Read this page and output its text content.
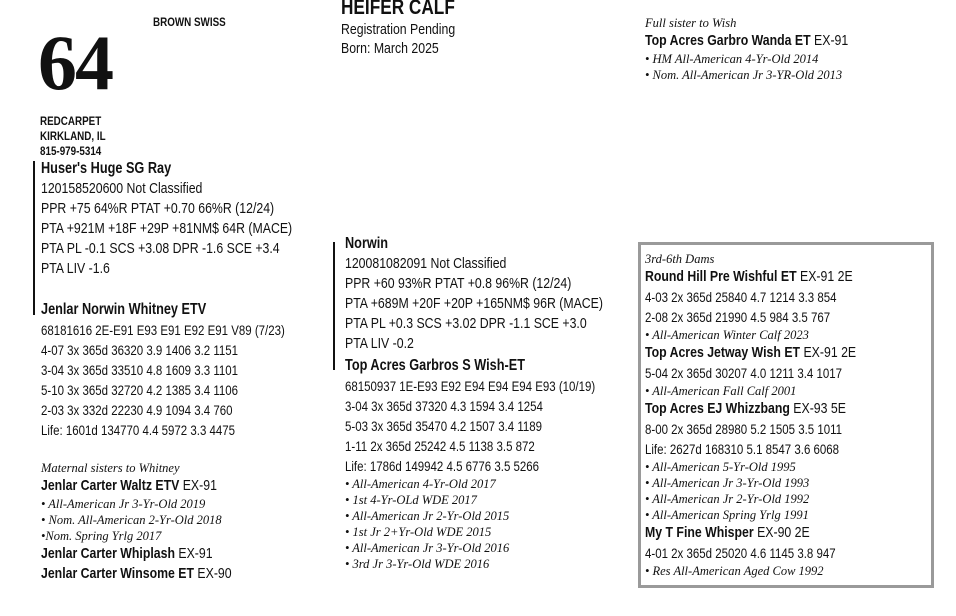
64	BROWN SWISS
REDCARPET
KIRKLAND, IL
815-979-5314
HEIFER CALF
Registration Pending
Born: March 2025
Huser's Huge SG Ray
120158520600 Not Classified
PPR +75 64%R PTAT +0.70 66%R (12/24)
PTA +921M +18F +29P +81NM$ 64R (MACE)
PTA PL -0.1 SCS +3.08 DPR -1.6 SCE +3.4
PTA LIV -1.6
Jenlar Norwin Whitney ETV
68181616 2E-E91 E93 E91 E92 E91 V89 (7/23)
4-07 3x 365d 36320 3.9 1406 3.2 1151
3-04 3x 365d 33510 4.8 1609 3.3 1101
5-10 3x 365d 32720 4.2 1385 3.4 1106
2-03 3x 332d 22230 4.9 1094 3.4 760
Life: 1601d 134770 4.4 5972 3.3 4475
Maternal sisters to Whitney
Jenlar Carter Waltz ETV EX-91
• All-American Jr 3-Yr-Old 2019
• Nom. All-American 2-Yr-Old 2018
•Nom. Spring Yrlg 2017
Jenlar Carter Whiplash EX-91
Jenlar Carter Winsome ET EX-90
Norwin
120081082091 Not Classified
PPR +60 93%R PTAT +0.8 96%R (12/24)
PTA +689M +20F +20P +165NM$ 96R (MACE)
PTA PL +0.3 SCS +3.02 DPR -1.1 SCE +3.0
PTA LIV -0.2
Top Acres Garbros S Wish-ET
68150937 1E-E93 E92 E94 E94 E94 E93 (10/19)
3-04 3x 365d 37320 4.3 1594 3.4 1254
5-03 3x 365d 35470 4.2 1507 3.4 1189
1-11 2x 365d 25242 4.5 1138 3.5 872
Life: 1786d 149942 4.5 6776 3.5 5266
• All-American 4-Yr-Old 2017
• 1st 4-Yr-OLd WDE 2017
• All-American Jr 2-Yr-Old 2015
• 1st Jr 2+Yr-Old WDE 2015
• All-American Jr 3-Yr-Old 2016
• 3rd Jr 3-Yr-Old WDE 2016
Full sister to Wish
Top Acres Garbro Wanda ET EX-91
• HM All-American 4-Yr-Old 2014
• Nom. All-American Jr 3-YR-Old 2013
3rd-6th Dams
Round Hill Pre Wishful ET EX-91 2E
4-03 2x 365d 25840 4.7 1214 3.3 854
2-08 2x 365d 21990 4.5 984 3.5 767
• All-American Winter Calf 2023
Top Acres Jetway Wish ET EX-91 2E
5-04 2x 365d 30207 4.0 1211 3.4 1017
• All-American Fall Calf 2001
Top Acres EJ Whizzbang EX-93 5E
8-00 2x 365d 28980 5.2 1505 3.5 1011
Life: 2627d 168310 5.1 8547 3.6 6068
• All-American 5-Yr-Old 1995
• All-American Jr 3-Yr-Old 1993
• All-American Jr 2-Yr-Old 1992
• All-American Spring Yrlg 1991
My T Fine Whisper EX-90 2E
4-01 2x 365d 25020 4.6 1145 3.8 947
• Res All-American Aged Cow 1992
